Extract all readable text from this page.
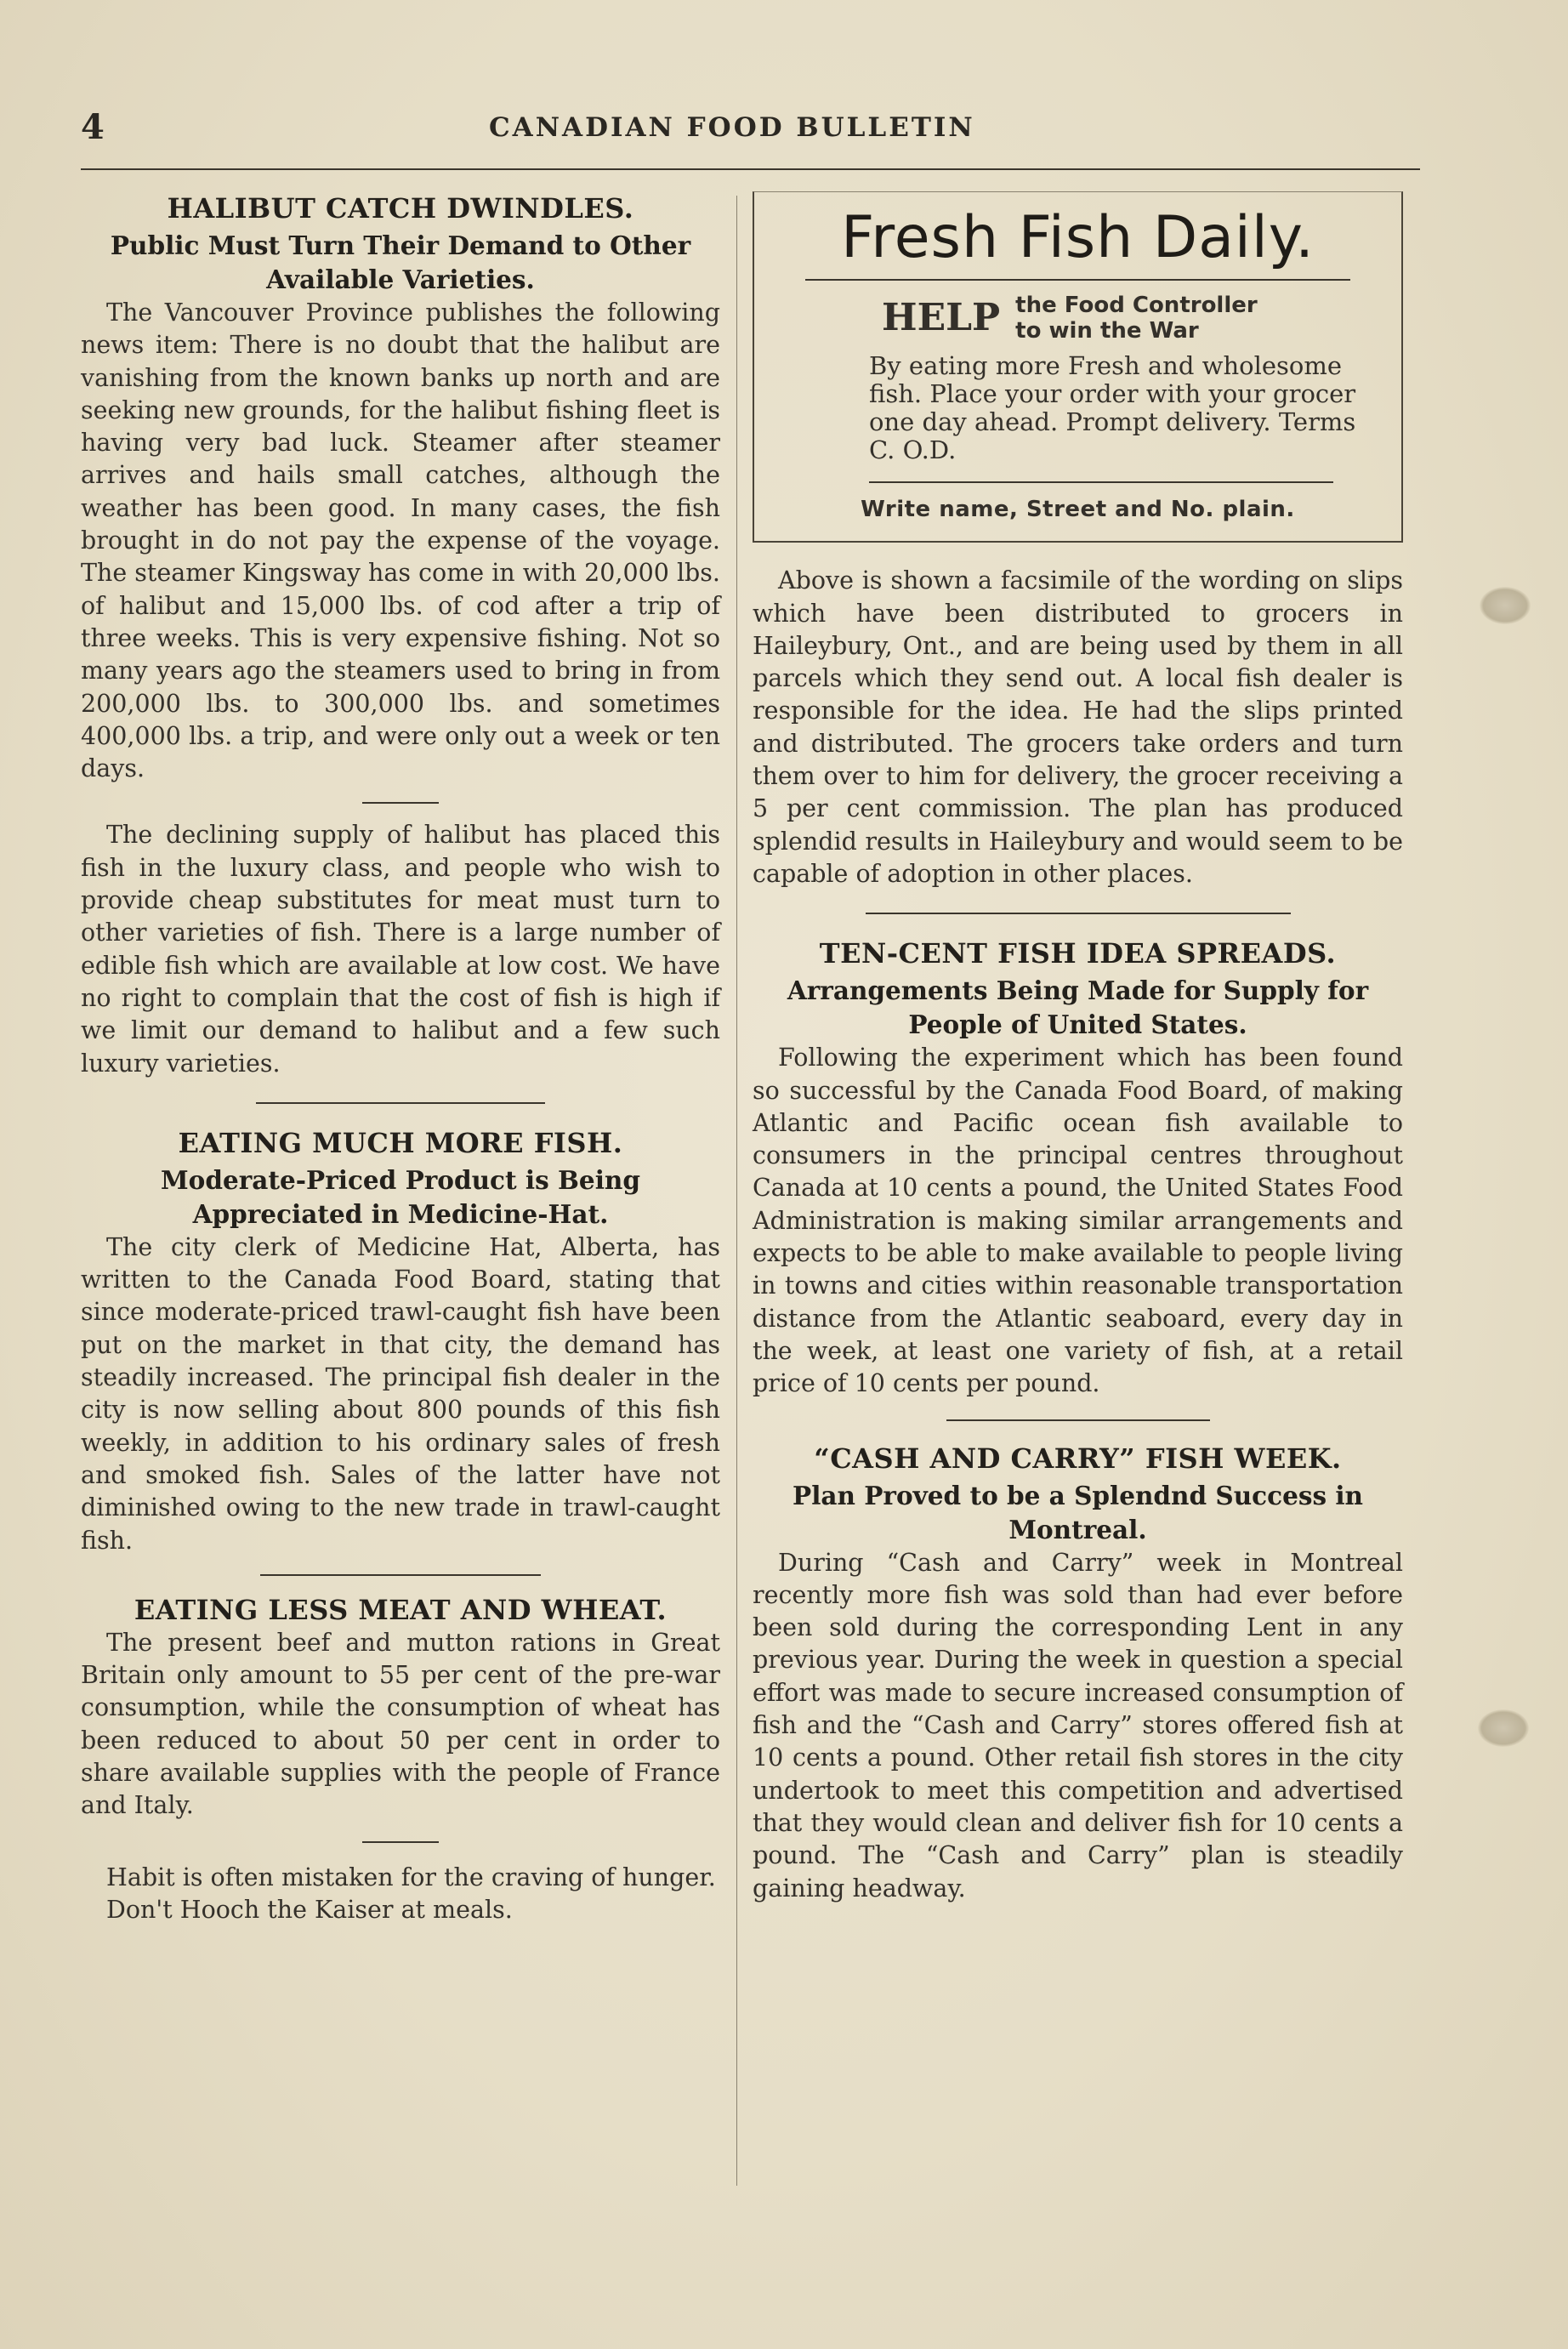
4	CANADIAN FOOD BULLETIN
HALIBUT CATCH DWINDLES.
Public Must Turn Their Demand to Other Available Varieties.

The Vancouver Province publishes the following news item: There is no doubt that the halibut are vanishing from the known banks up north and are seeking new grounds, for the halibut fishing fleet is having very bad luck. Steamer after steamer arrives and hails small catches, although the weather has been good. In many cases, the fish brought in do not pay the expense of the voyage. The steamer Kingsway has come in with 20,000 lbs. of halibut and 15,000 lbs. of cod after a trip of three weeks. This is very expensive fishing. Not so many years ago the steamers used to bring in from 200,000 lbs. to 300,000 lbs. and sometimes 400,000 lbs. a trip, and were only out a week or ten days.

The declining supply of halibut has placed this fish in the luxury class, and people who wish to provide cheap substitutes for meat must turn to other varieties of fish. There is a large number of edible fish which are available at low cost. We have no right to complain that the cost of fish is high if we limit our demand to halibut and a few such luxury varieties.

EATING MUCH MORE FISH.
Moderate-Priced Product is Being Appreciated in Medicine-Hat.

The city clerk of Medicine Hat, Alberta, has written to the Canada Food Board, stating that since moderate-priced trawl-caught fish have been put on the market in that city, the demand has steadily increased. The principal fish dealer in the city is now selling about 800 pounds of this fish weekly, in addition to his ordinary sales of fresh and smoked fish. Sales of the latter have not diminished owing to the new trade in trawl-caught fish.

EATING LESS MEAT AND WHEAT.

The present beef and mutton rations in Great Britain only amount to 55 per cent of the pre-war consumption, while the consumption of wheat has been reduced to about 50 per cent in order to share available supplies with the people of France and Italy.

Habit is often mistaken for the craving of hunger.

Don't Hooch the Kaiser at meals.

Fresh Fish Daily.
HELP the Food Controller
to win the War
By eating more Fresh and wholesome fish. Place your order with your grocer one day ahead. Prompt delivery. Terms C. O.D.
Write name, Street and No. plain.

Above is shown a facsimile of the wording on slips which have been distributed to grocers in Haileybury, Ont., and are being used by them in all parcels which they send out. A local fish dealer is responsible for the idea. He had the slips printed and distributed. The grocers take orders and turn them over to him for delivery, the grocer receiving a 5 per cent commission. The plan has produced splendid results in Haileybury and would seem to be capable of adoption in other places.

TEN-CENT FISH IDEA SPREADS.
Arrangements Being Made for Supply for People of United States.

Following the experiment which has been found so successful by the Canada Food Board, of making Atlantic and Pacific ocean fish available to consumers in the principal centres throughout Canada at 10 cents a pound, the United States Food Administration is making similar arrangements and expects to be able to make available to people living in towns and cities within reasonable transportation distance from the Atlantic seaboard, every day in the week, at least one variety of fish, at a retail price of 10 cents per pound.

“CASH AND CARRY” FISH WEEK.
Plan Proved to be a Splendnd Success in Montreal.

During “Cash and Carry” week in Montreal recently more fish was sold than had ever before been sold during the corresponding Lent in any previous year. During the week in question a special effort was made to secure increased consumption of fish and the “Cash and Carry” stores offered fish at 10 cents a pound. Other retail fish stores in the city undertook to meet this competition and advertised that they would clean and deliver fish for 10 cents a pound. The “Cash and Carry” plan is steadily gaining headway.
